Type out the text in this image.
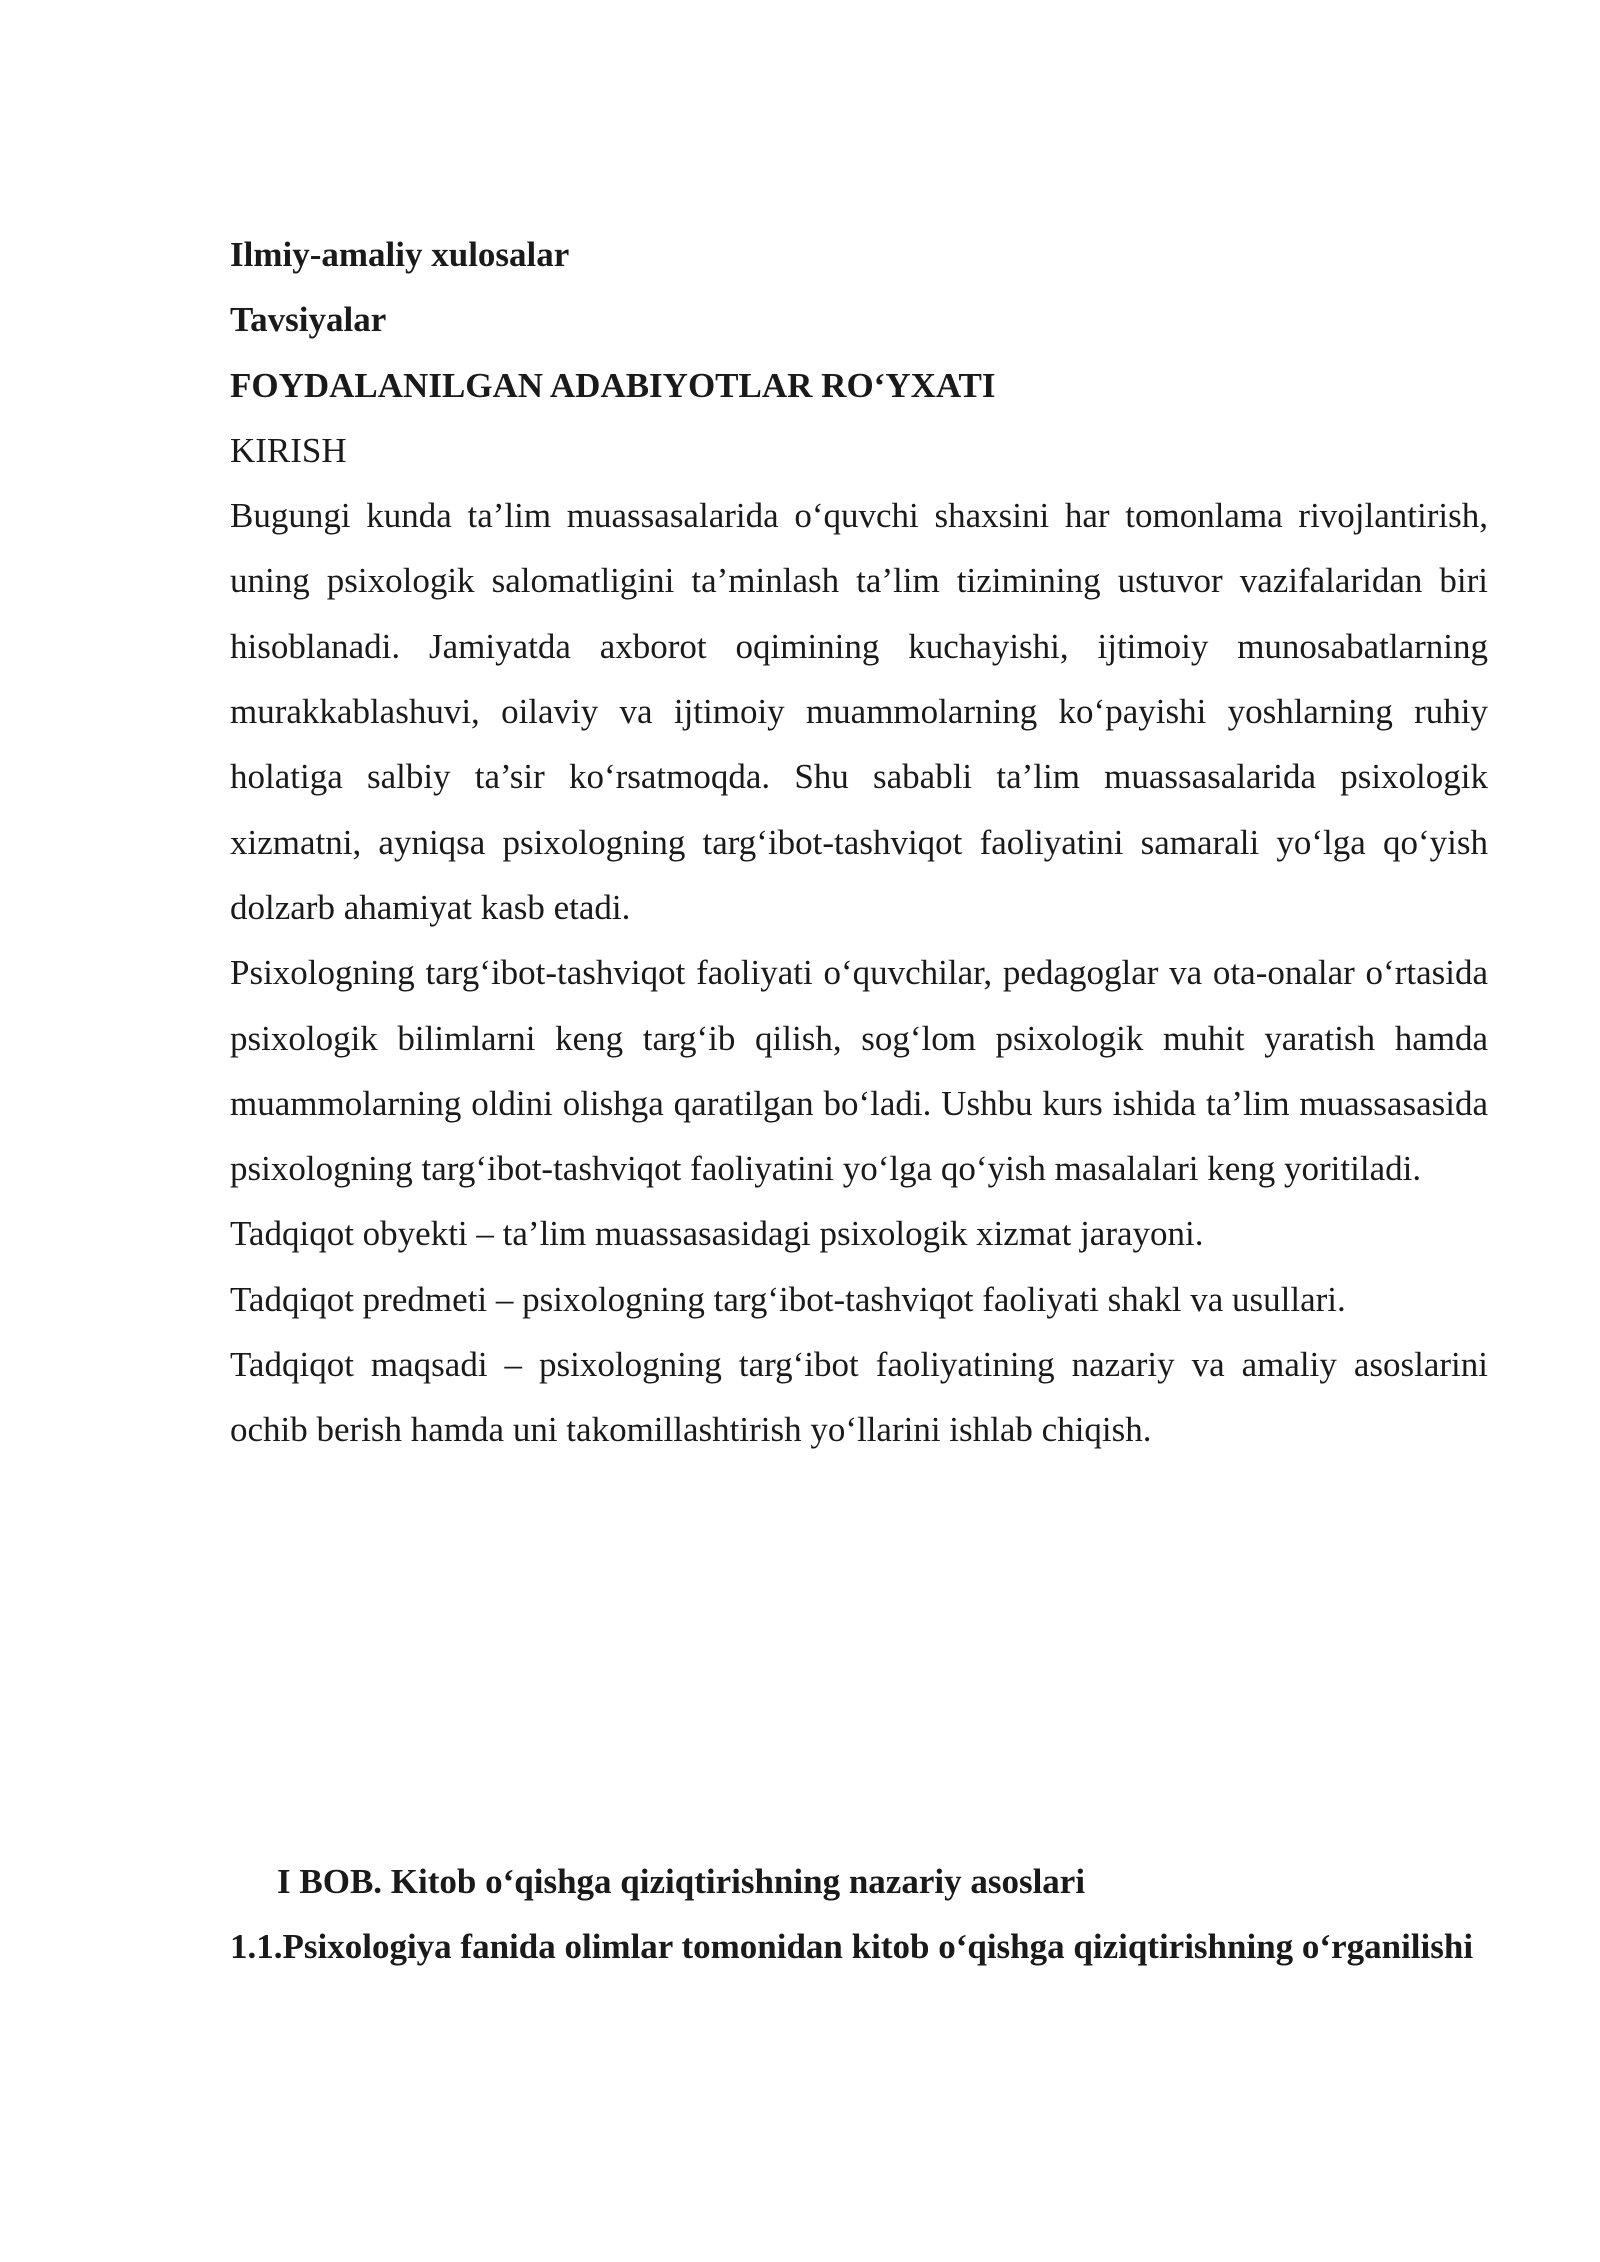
Ilmiy-amaliy xulosalar

Tavsiyalar

FOYDALANILGAN ADABIYOTLAR RO‘YXATI

KIRISH

Bugungi kunda ta’lim muassasalarida o‘quvchi shaxsini har tomonlama rivojlantirish, uning psixologik salomatligini ta’minlash ta’lim tizimining ustuvor vazifalaridan biri hisoblanadi. Jamiyatda axborot oqimining kuchayishi, ijtimoiy munosabatlarning murakkablashuvi, oilaviy va ijtimoiy muammolarning ko‘payishi yoshlarning ruhiy holatiga salbiy ta’sir ko‘rsatmoqda. Shu sababli ta’lim muassasalarida psixologik xizmatni, ayniqsa psixologning targ‘ibot-tashviqot faoliyatini samarali yo‘lga qo‘yish dolzarb ahamiyat kasb etadi.

Psixologning targ‘ibot-tashviqot faoliyati o‘quvchilar, pedagoglar va ota-onalar o‘rtasida psixologik bilimlarni keng targ‘ib qilish, sog‘lom psixologik muhit yaratish hamda muammolarning oldini olishga qaratilgan bo‘ladi. Ushbu kurs ishida ta’lim muassasasida psixologning targ‘ibot-tashviqot faoliyatini yo‘lga qo‘yish masalalari keng yoritiladi.

Tadqiqot obyekti – ta’lim muassasasidagi psixologik xizmat jarayoni.

Tadqiqot predmeti – psixologning targ‘ibot-tashviqot faoliyati shakl va usullari.

Tadqiqot maqsadi – psixologning targ‘ibot faoliyatining nazariy va amaliy asoslarini ochib berish hamda uni takomillashtirish yo‘llarini ishlab chiqish.

I BOB. Kitob o‘qishga qiziqtirishning nazariy asoslari

1.1.Psixologiya fanida olimlar tomonidan kitob o‘qishga qiziqtirishning o‘rganilishi
